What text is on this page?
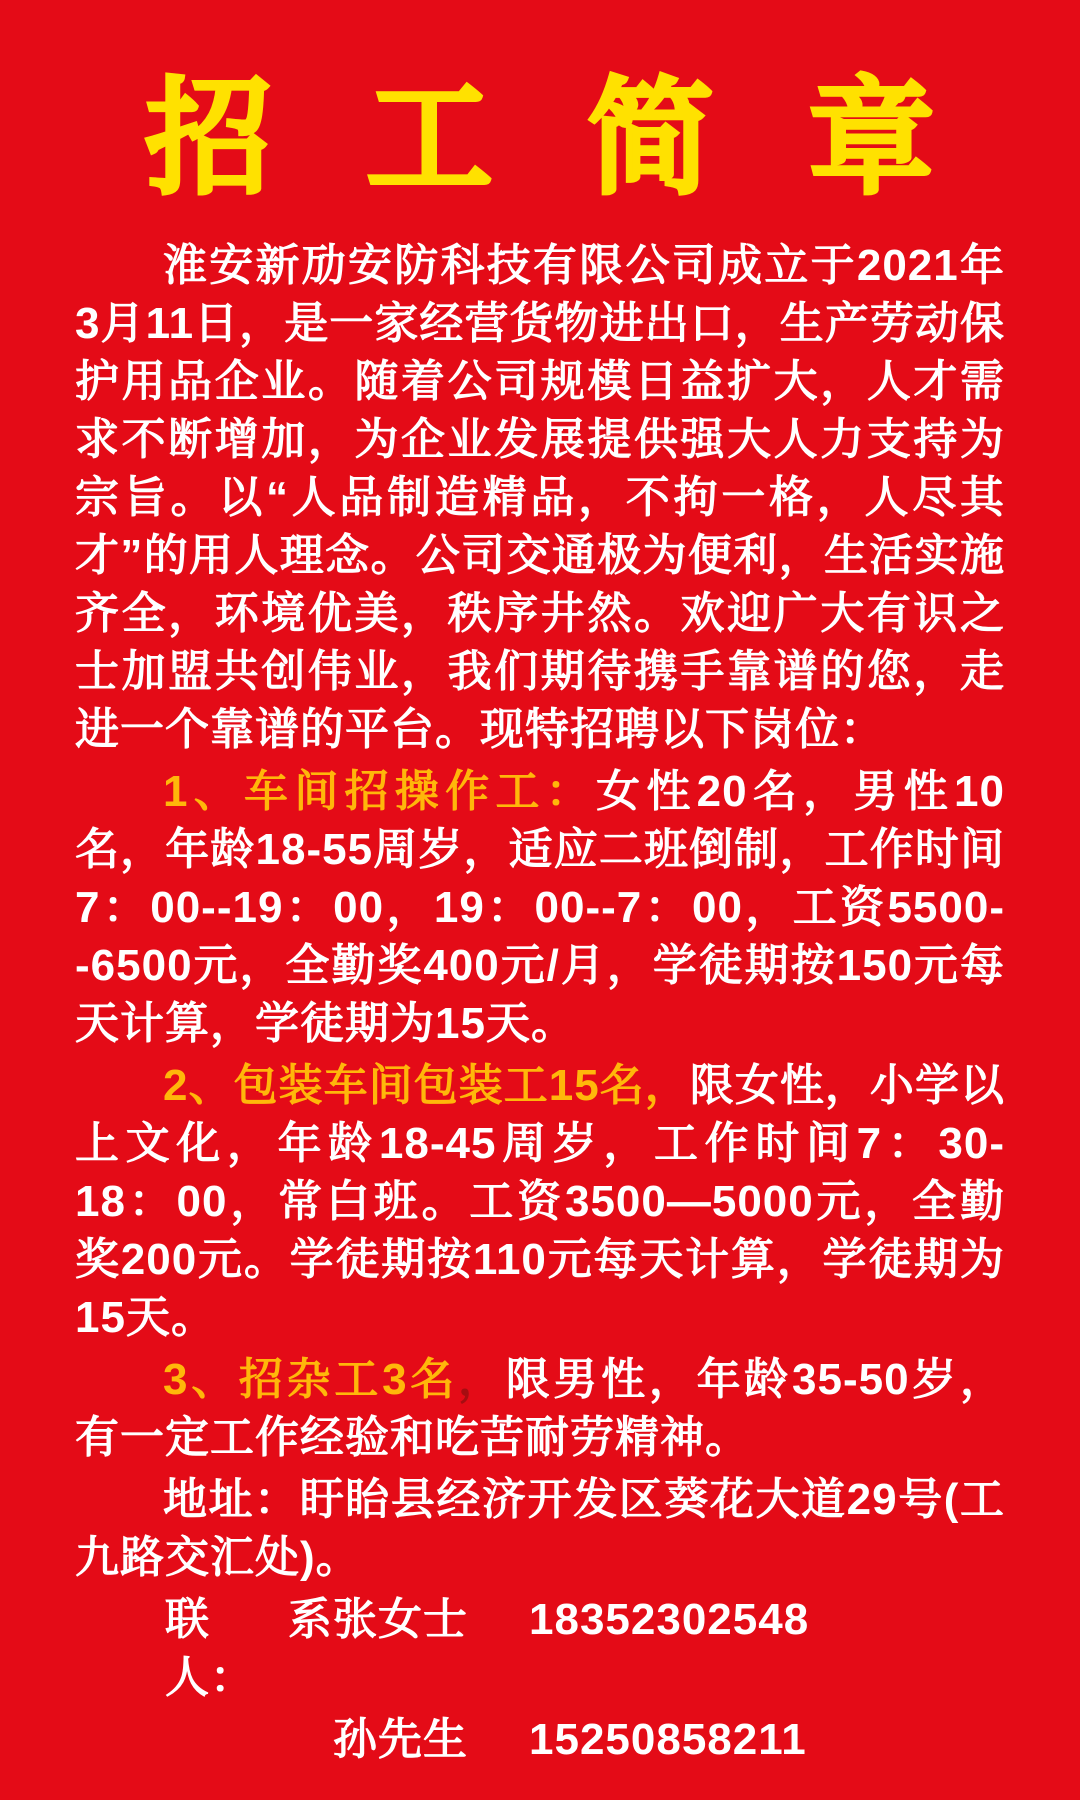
招 工 简 章

淮安新劢安防科技有限公司成立于2021年3月11日，是一家经营货物进出口，生产劳动保护用品企业。随着公司规模日益扩大，人才需求不断增加，为企业发展提供强大人力支持为宗旨。以“人品制造精品，不拘一格，人尽其才”的用人理念。公司交通极为便利，生活实施齐全，环境优美，秩序井然。欢迎广大有识之士加盟共创伟业，我们期待携手靠谱的您，走进一个靠谱的平台。现特招聘以下岗位：

1、车间招操作工：女性20名，男性10名，年龄18-55周岁，适应二班倒制，工作时间7：00--19：00，19：00--7：00，工资5500--6500元，全勤奖400元/月，学徒期按150元每天计算，学徒期为15天。

2、包装车间包装工15名，限女性，小学以上文化，年龄18-45周岁，工作时间7：30-18：00，常白班。工资3500—5000元，全勤奖200元。学徒期按110元每天计算，学徒期为15天。

3、招杂工3名，限男性，年龄35-50岁，有一定工作经验和吃苦耐劳精神。

地址：盱眙县经济开发区葵花大道29号(工九路交汇处)。

联系人：
张女士	18352302548
孙先生	15250858211
